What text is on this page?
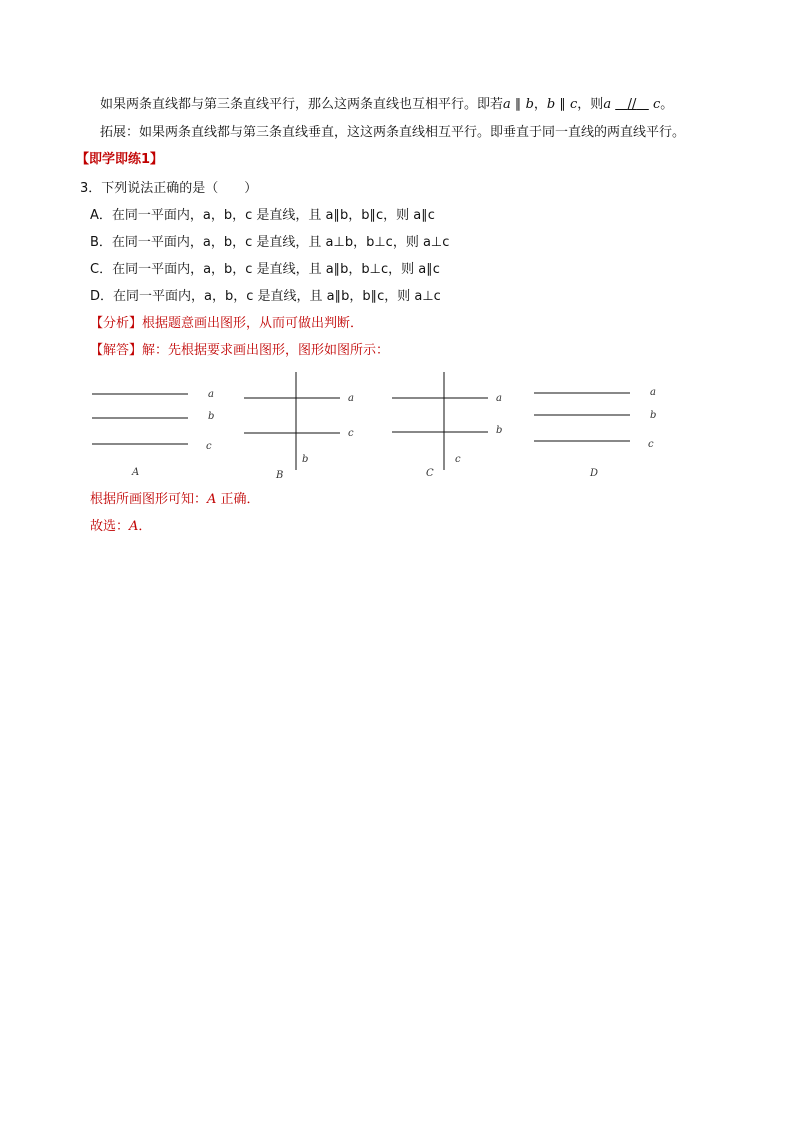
如果两条直线都与第三条直线平行，那么这两条直线也互相平行。即若a ∥ b，b ∥ c，则a // c。
拓展：如果两条直线都与第三条直线垂直，这这两条直线相互平行。即垂直于同一直线的两直线平行。
【即学即练1】
3．下列说法正确的是（　　）
A．在同一平面内，a，b，c 是直线，且 a∥b，b∥c，则 a∥c
B．在同一平面内，a，b，c 是直线，且 a⊥b，b⊥c，则 a⊥c
C．在同一平面内，a，b，c 是直线，且 a∥b，b⊥c，则 a∥c
D．在同一平面内，a，b，c 是直线，且 a∥b，b∥c，则 a⊥c
【分析】根据题意画出图形，从而可做出判断．
【解答】解：先根据要求画出图形，图形如图所示：
a
b
c
A
a
c
b
B
a
b
c
C
a
b
c
D
根据所画图形可知：A 正确．
故选：A．
